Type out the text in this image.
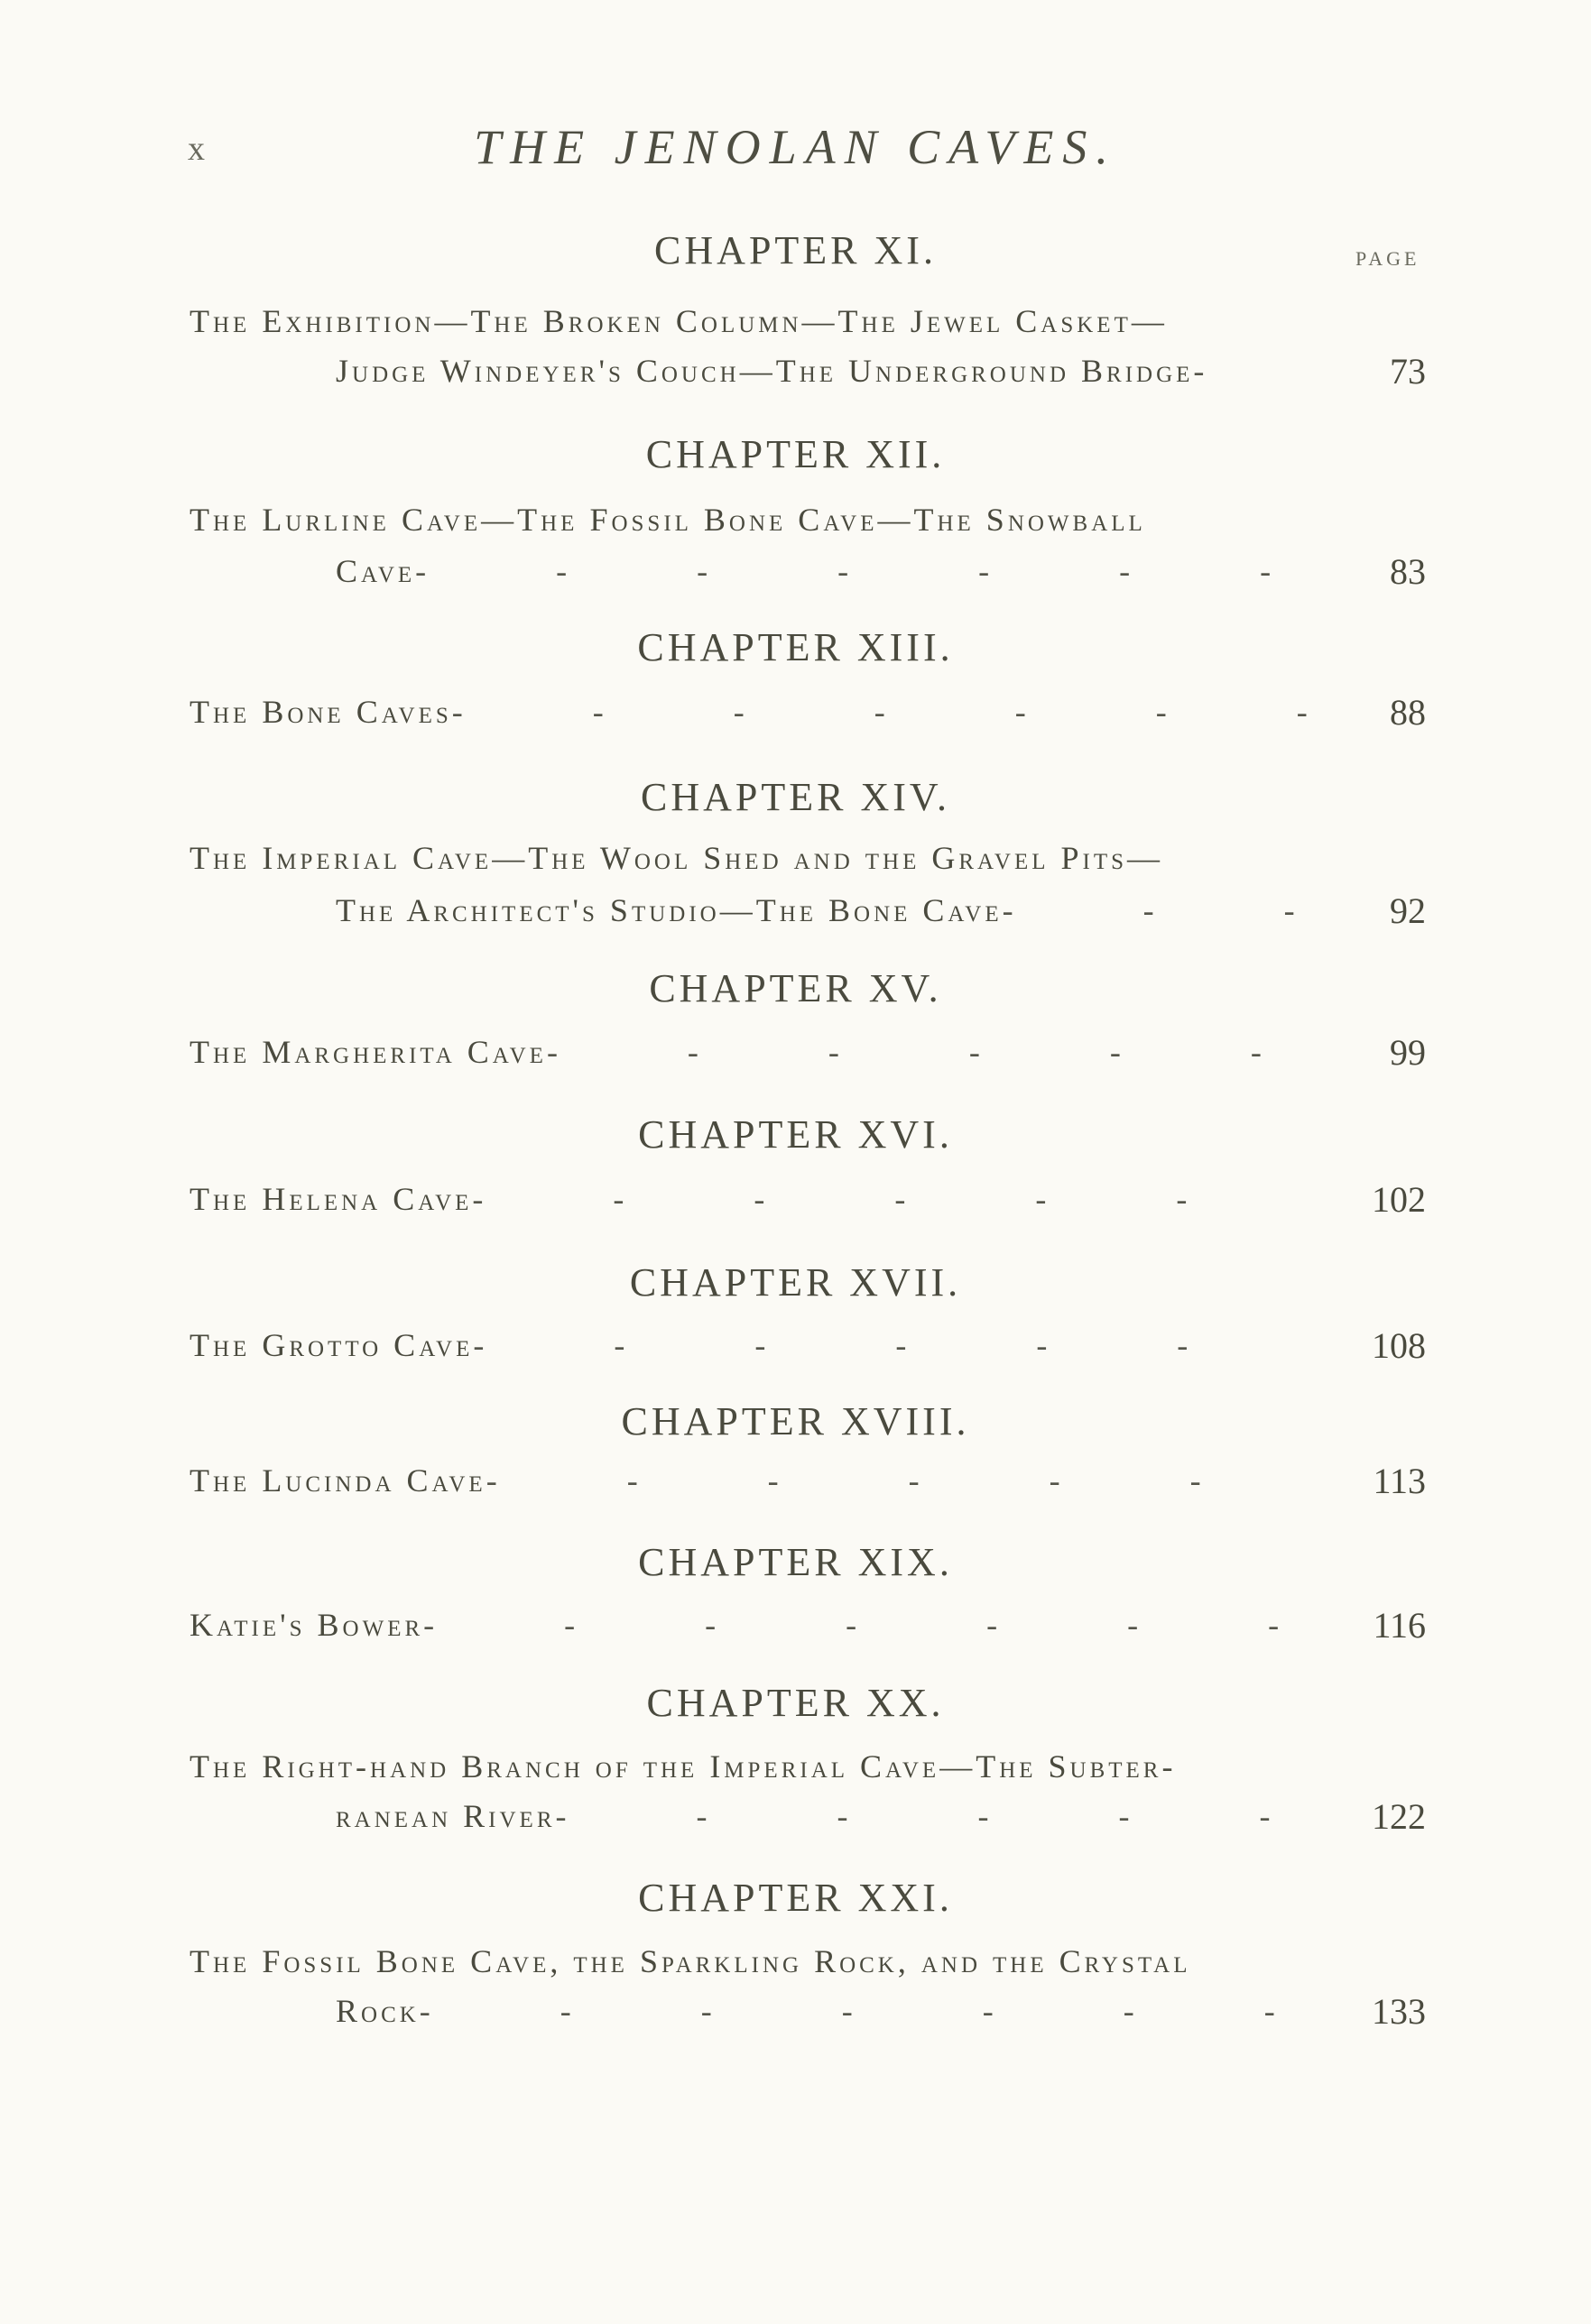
x	THE JENOLAN CAVES.
PAGE
CHAPTER XI.
The Exhibition—The Broken Column—The Jewel Casket—
Judge Windeyer's Couch—The Underground Bridge -	73
CHAPTER XII.
The Lurline Cave—The Fossil Bone Cave—The Snowball
Cave -	83
CHAPTER XIII.
The Bone Caves -	88
CHAPTER XIV.
The Imperial Cave—The Wool Shed and the Gravel Pits—
The Architect's Studio—The Bone Cave -	92
CHAPTER XV.
The Margherita Cave -	99
CHAPTER XVI.
The Helena Cave -	102
CHAPTER XVII.
The Grotto Cave -	108
CHAPTER XVIII.
The Lucinda Cave -	113
CHAPTER XIX.
Katie's Bower -	116
CHAPTER XX.
The Right-hand Branch of the Imperial Cave—The Subter-
ranean River -	122
CHAPTER XXI.
The Fossil Bone Cave, the Sparkling Rock, and the Crystal
Rock -	133
